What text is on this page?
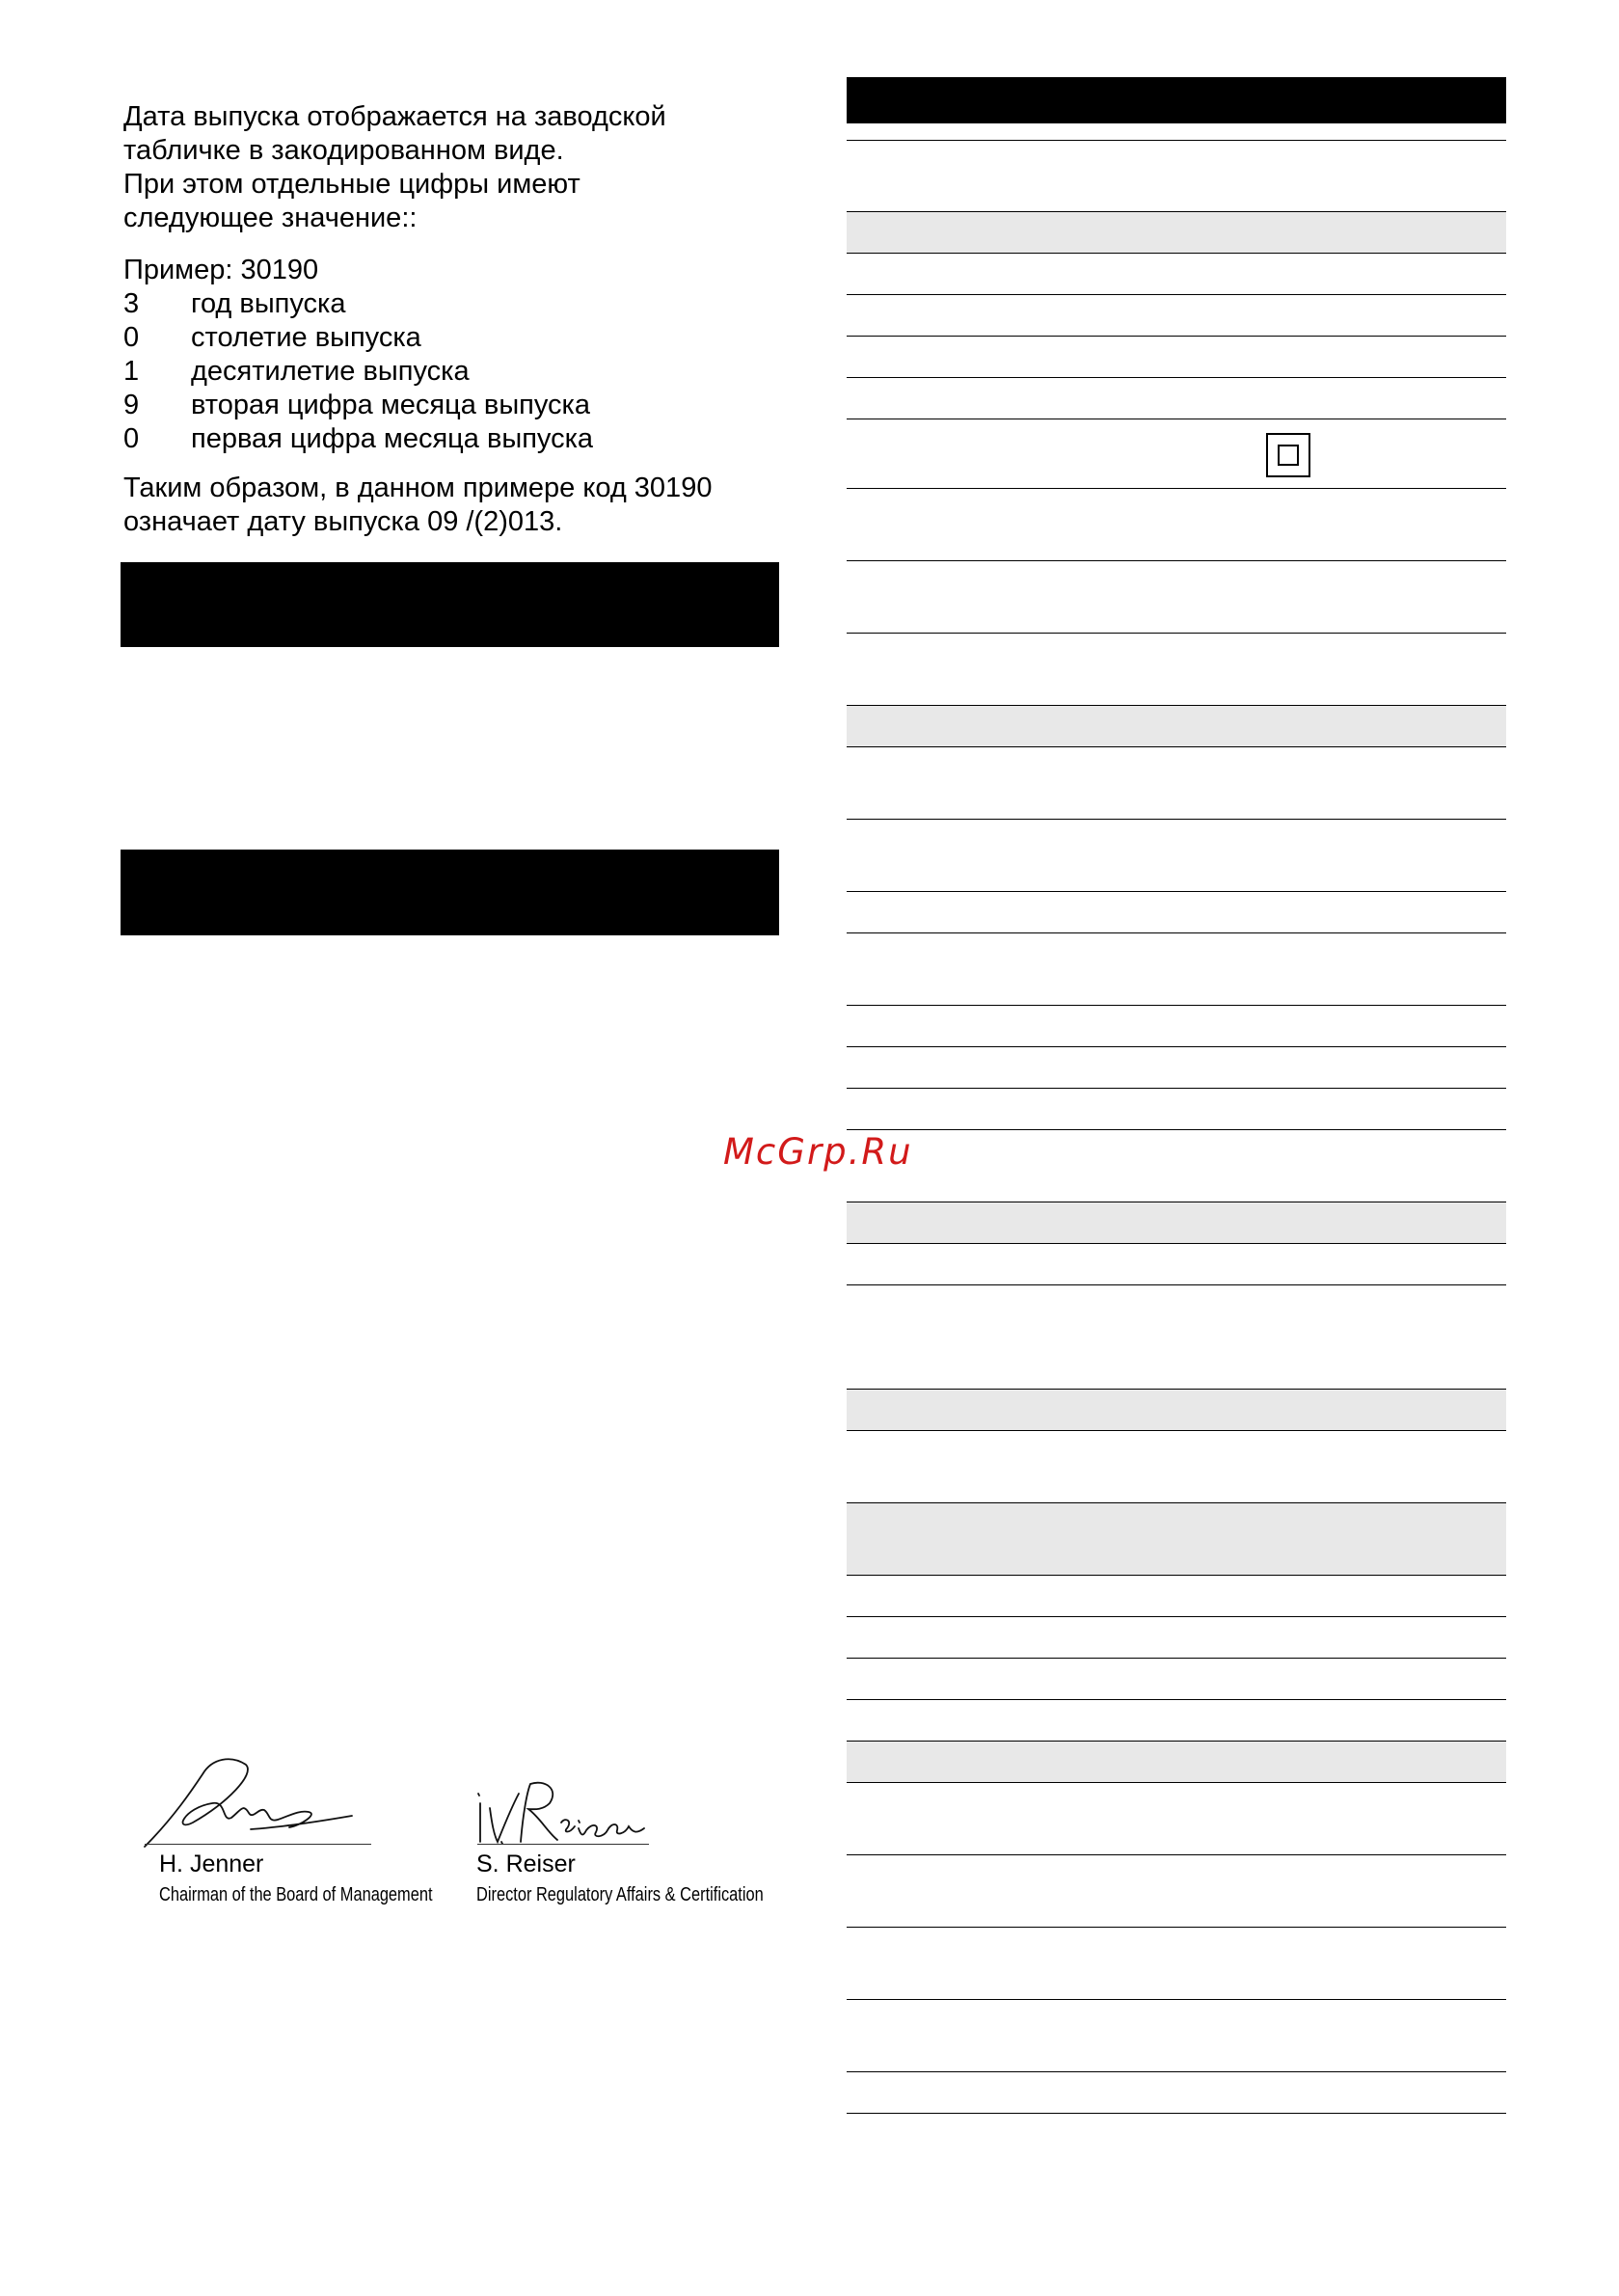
Дата выпуска отображается на заводской

табличке в закодированном виде.

При этом отдельные цифры имеют

следующее значение::

Пример: 30190
3 год выпуска
0 столетие выпуска
1 десятилетие выпуска
9 вторая цифра месяца выпуска
0 первая цифра месяца выпуска

Таким образом, в данном примере код 30190

означает дату выпуска 09 /(2)013.

McGrp.Ru
H. Jenner
Chairman of the Board of Management
S. Reiser
Director Regulatory Affairs & Certification
